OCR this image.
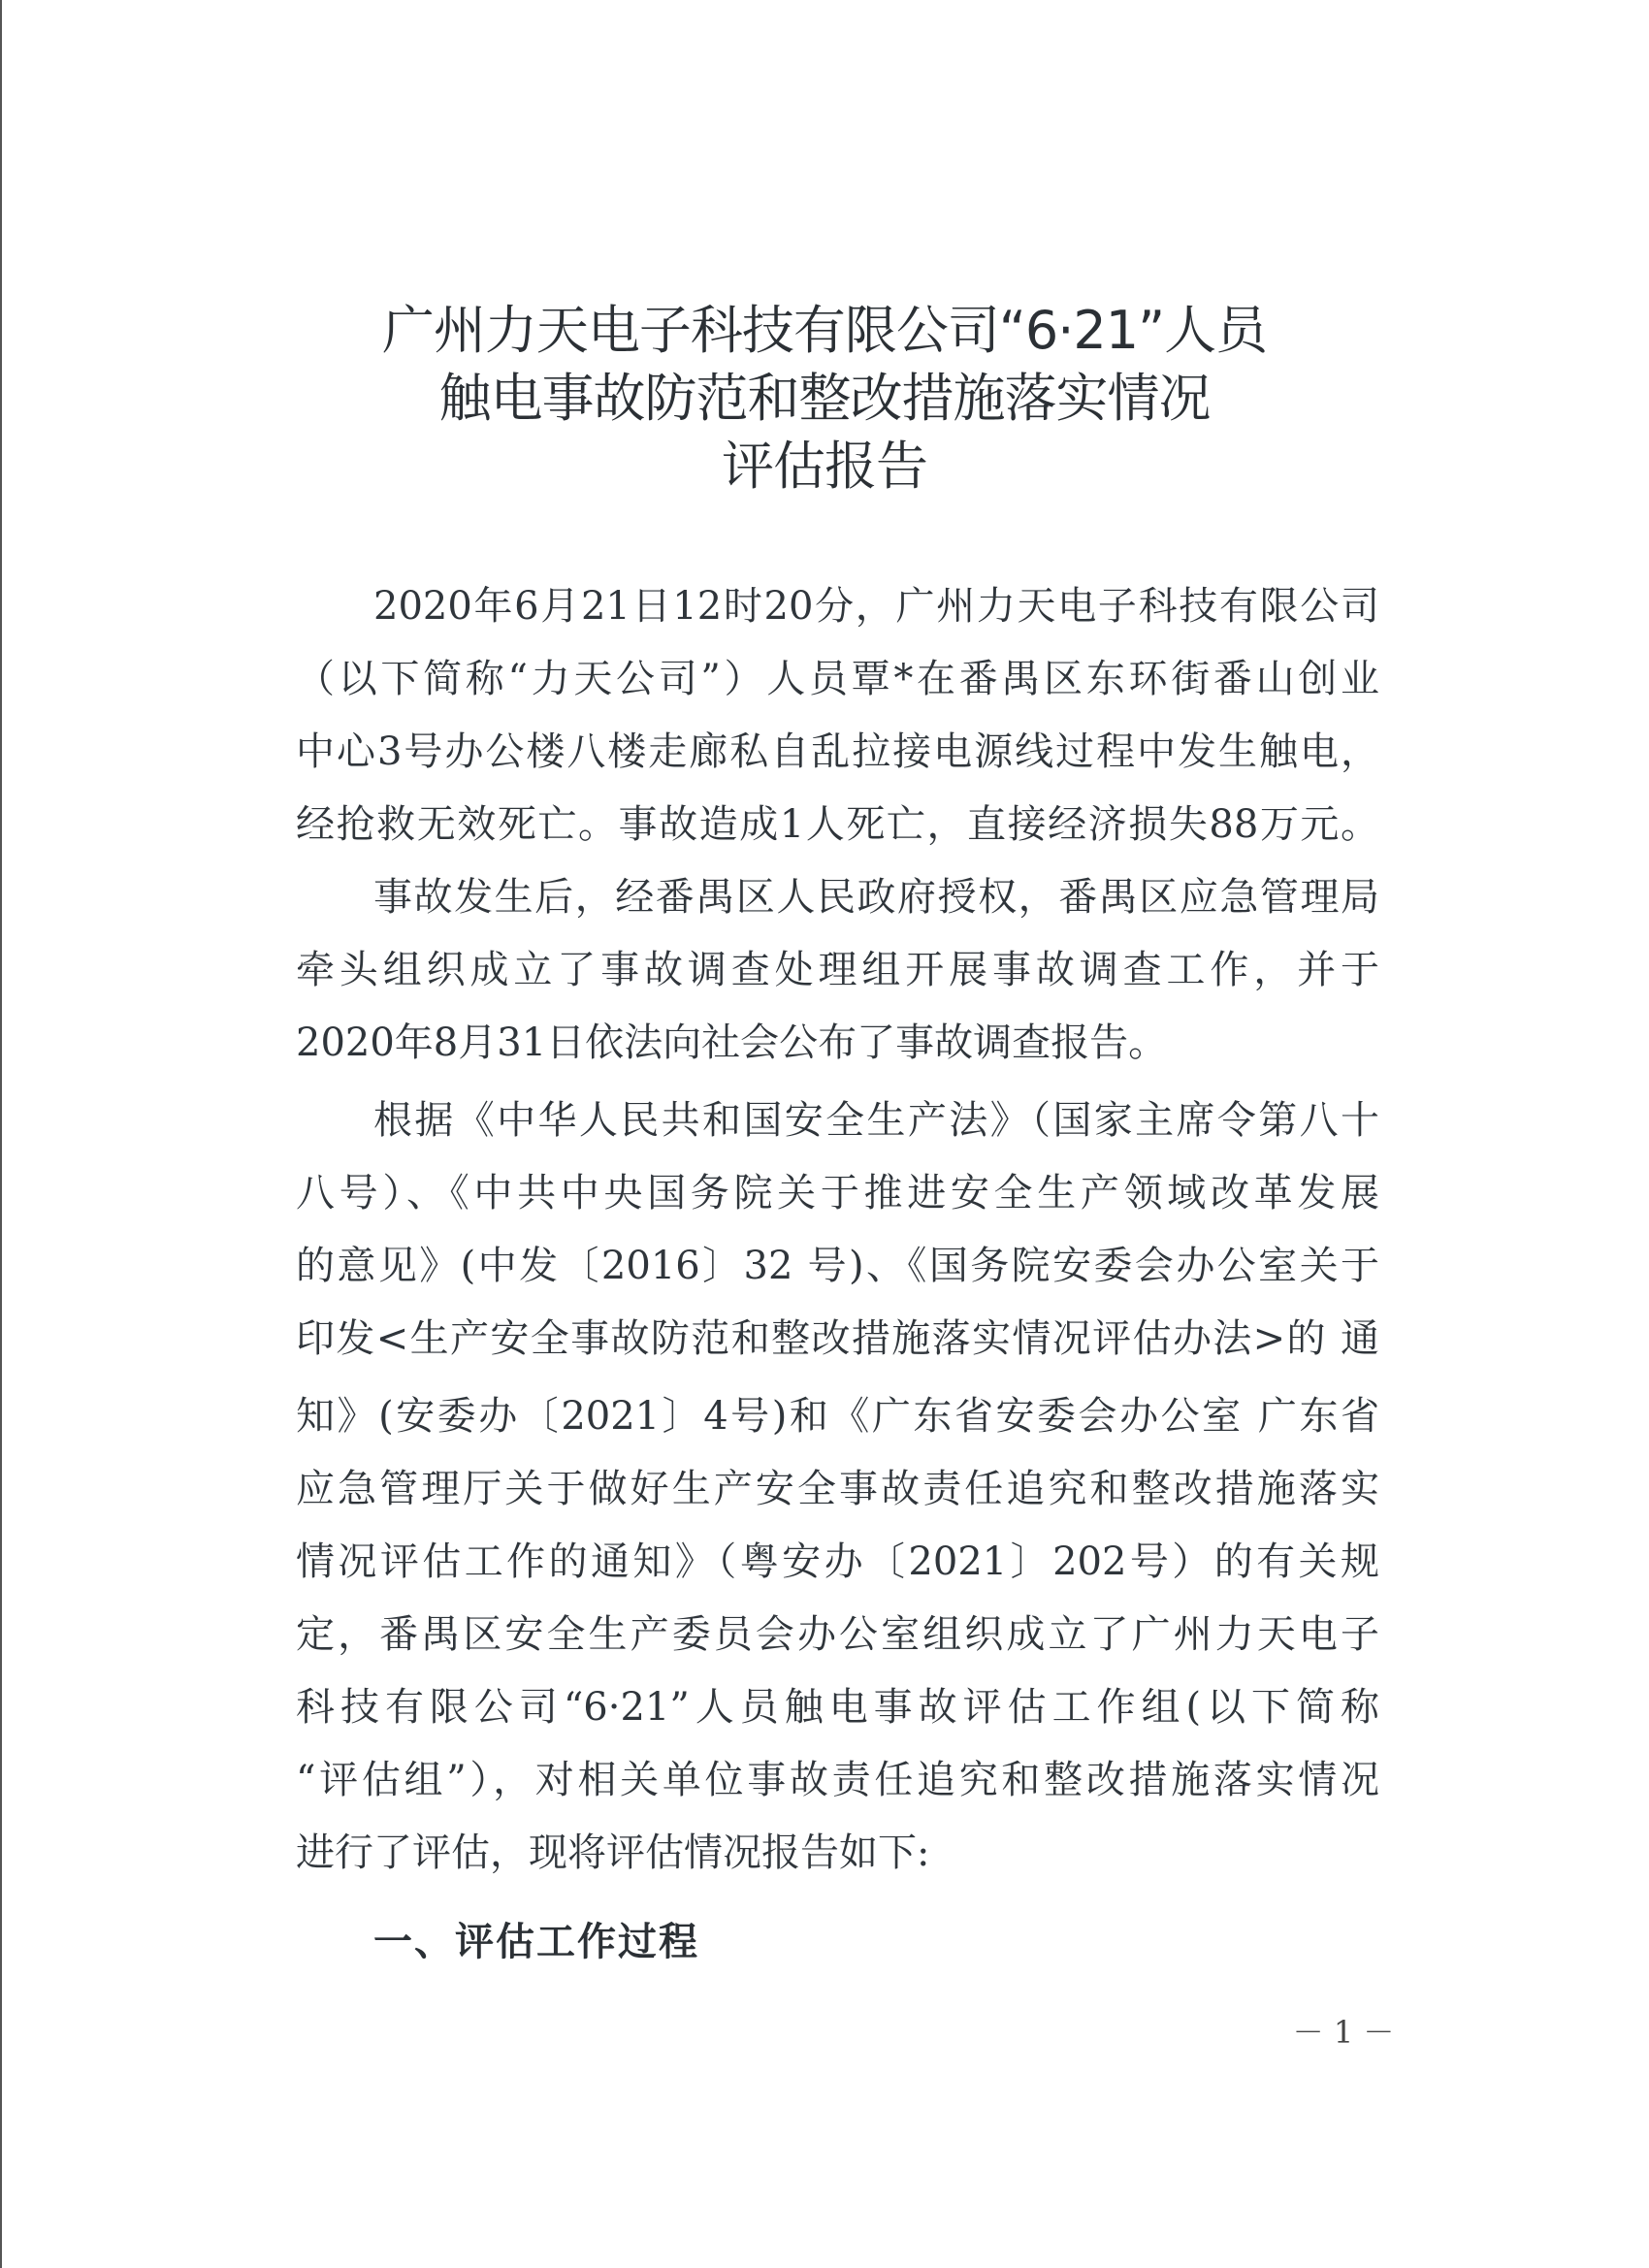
广州力天电子科技有限公司“6·21”人员
触电事故防范和整改措施落实情况
评估报告
2020年6月21日12时20分，广州力天电子科技有限公司
（以下简称“力天公司”）人员覃*在番禺区东环街番山创业
中心3号办公楼八楼走廊私自乱拉接电源线过程中发生触电，
经抢救无效死亡。事故造成1人死亡，直接经济损失88万元。
事故发生后，经番禺区人民政府授权，番禺区应急管理局
牵头组织成立了事故调查处理组开展事故调查工作，并于
2020年8月31日依法向社会公布了事故调查报告。
根据《中华人民共和国安全生产法》（国家主席令第八十
八号）、《中共中央国务院关于推进安全生产领域改革发展
的意见》(中发〔2016〕32 号)、《国务院安委会办公室关于
印发<生产安全事故防范和整改措施落实情况评估办法>的 通
知》(安委办〔2021〕4号)和《广东省安委会办公室 广东省
应急管理厅关于做好生产安全事故责任追究和整改措施落实
情况评估工作的通知》（粤安办〔2021〕202号）的有关规
定，番禺区安全生产委员会办公室组织成立了广州力天电子
科技有限公司“6·21”人员触电事故评估工作组(以下简称
“评估组”），对相关单位事故责任追究和整改措施落实情况
进行了评估，现将评估情况报告如下:
一、评估工作过程
－ 1 －
